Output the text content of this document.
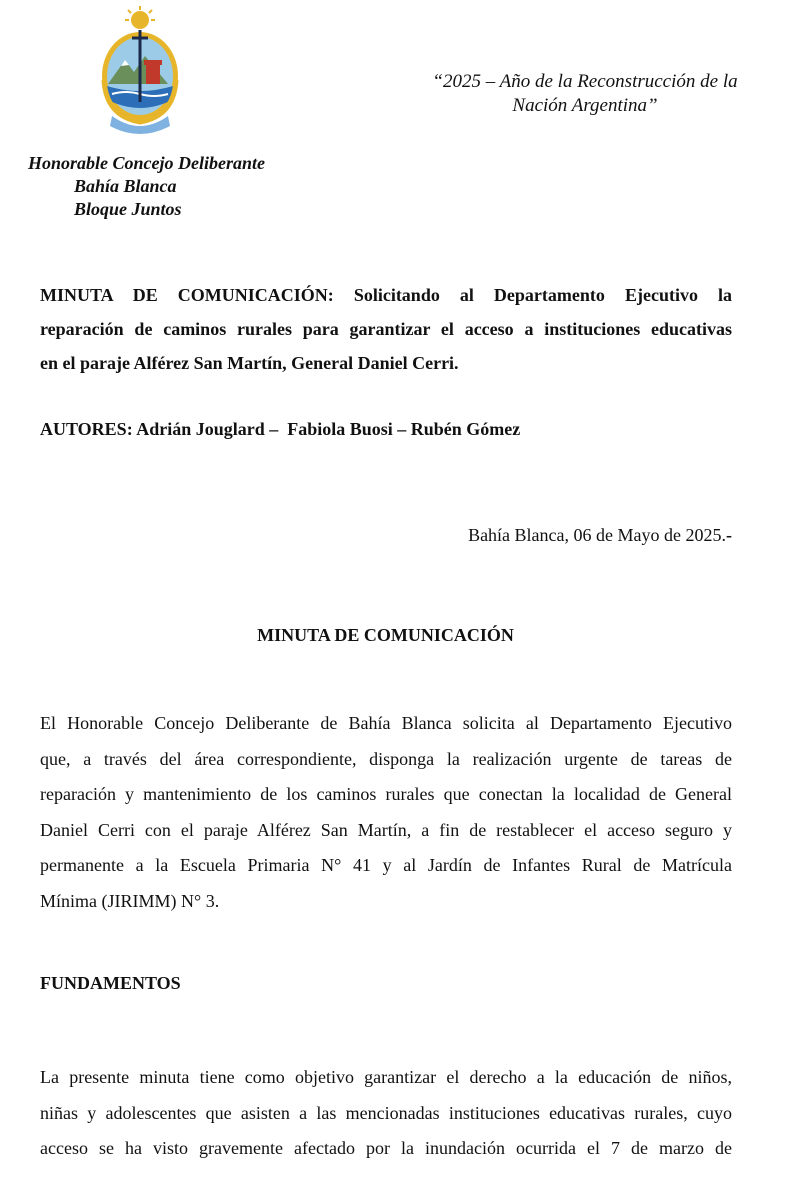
“2025 – Año de la Reconstrucción de la
Nación Argentina”
Honorable Concejo Deliberante
Bahía Blanca
Bloque Juntos
MINUTA DE COMUNICACIÓN: Solicitando al Departamento Ejecutivo la
reparación de caminos rurales para garantizar el acceso a instituciones educativas
en el paraje Alférez San Martín, General Daniel Cerri.
AUTORES: Adrián Jouglard –  Fabiola Buosi – Rubén Gómez
Bahía Blanca, 06 de Mayo de 2025.-
MINUTA DE COMUNICACIÓN
El Honorable Concejo Deliberante de Bahía Blanca solicita al Departamento Ejecutivo
que, a través del área correspondiente, disponga la realización urgente de tareas de
reparación y mantenimiento de los caminos rurales que conectan la localidad de General
Daniel Cerri con el paraje Alférez San Martín, a fin de restablecer el acceso seguro y
permanente a la Escuela Primaria N° 41 y al Jardín de Infantes Rural de Matrícula
Mínima (JIRIMM) N° 3.
FUNDAMENTOS
La presente minuta tiene como objetivo garantizar el derecho a la educación de niños,
niñas y adolescentes que asisten a las mencionadas instituciones educativas rurales, cuyo
acceso se ha visto gravemente afectado por la inundación ocurrida el 7 de marzo de
